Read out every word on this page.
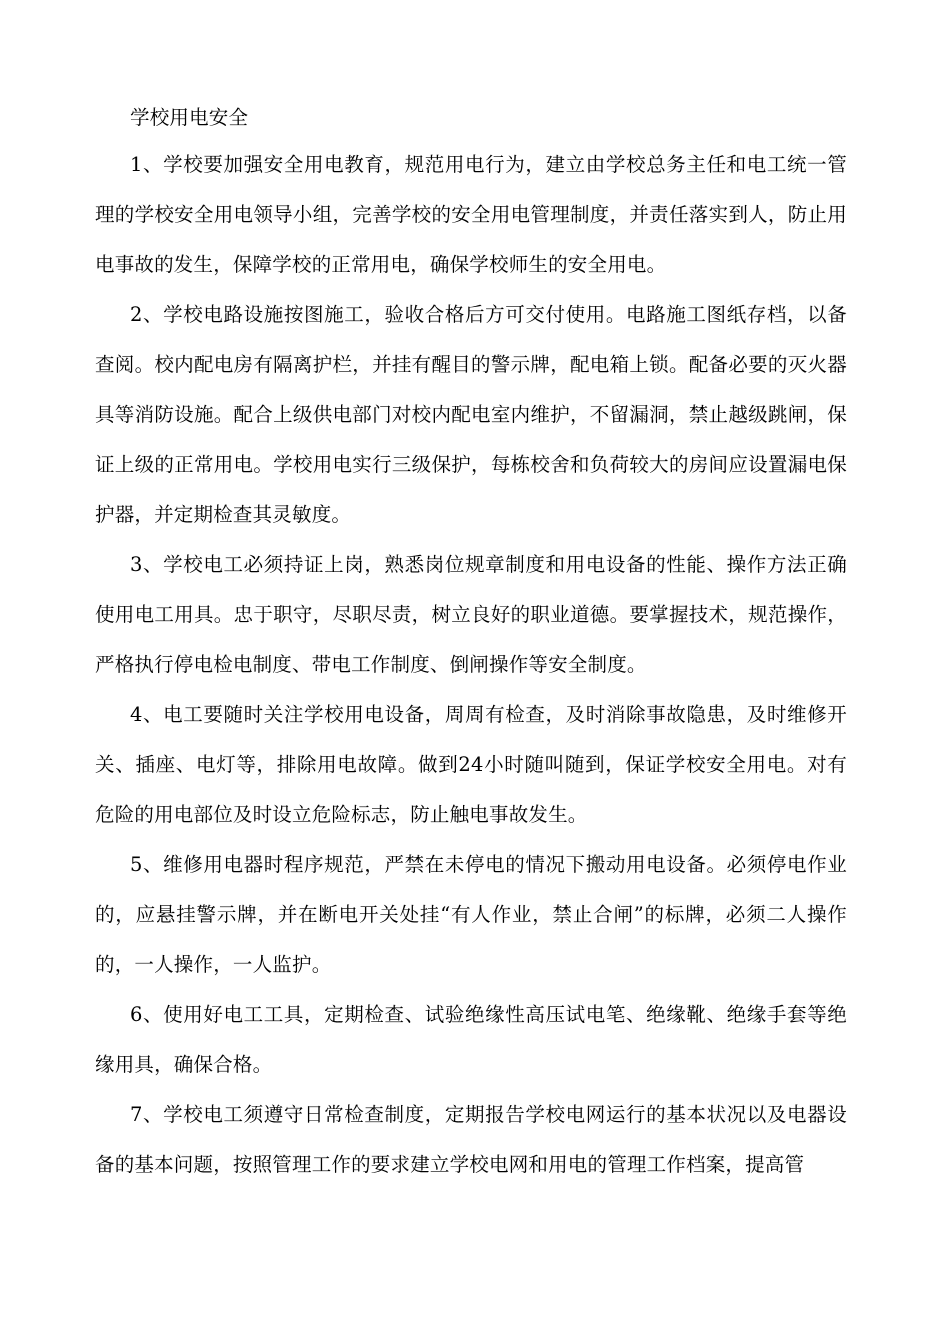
学校用电安全

1、学校要加强安全用电教育，规范用电行为，建立由学校总务主任和电工统一管理的学校安全用电领导小组，完善学校的安全用电管理制度，并责任落实到人，防止用电事故的发生，保障学校的正常用电，确保学校师生的安全用电。

2、学校电路设施按图施工，验收合格后方可交付使用。电路施工图纸存档，以备查阅。校内配电房有隔离护栏，并挂有醒目的警示牌，配电箱上锁。配备必要的灭火器具等消防设施。配合上级供电部门对校内配电室内维护，不留漏洞，禁止越级跳闸，保证上级的正常用电。学校用电实行三级保护，每栋校舍和负荷较大的房间应设置漏电保护器，并定期检查其灵敏度。

3、学校电工必须持证上岗，熟悉岗位规章制度和用电设备的性能、操作方法正确使用电工用具。忠于职守，尽职尽责，树立良好的职业道德。要掌握技术，规范操作，严格执行停电检电制度、带电工作制度、倒闸操作等安全制度。

4、电工要随时关注学校用电设备，周周有检查，及时消除事故隐患，及时维修开关、插座、电灯等，排除用电故障。做到24小时随叫随到，保证学校安全用电。对有危险的用电部位及时设立危险标志，防止触电事故发生。

5、维修用电器时程序规范，严禁在未停电的情况下搬动用电设备。必须停电作业的，应悬挂警示牌，并在断电开关处挂“有人作业，禁止合闸”的标牌，必须二人操作的，一人操作，一人监护。

6、使用好电工工具，定期检查、试验绝缘性高压试电笔、绝缘靴、绝缘手套等绝缘用具，确保合格。

7、学校电工须遵守日常检查制度，定期报告学校电网运行的基本状况以及电器设备的基本问题，按照管理工作的要求建立学校电网和用电的管理工作档案，提高管
